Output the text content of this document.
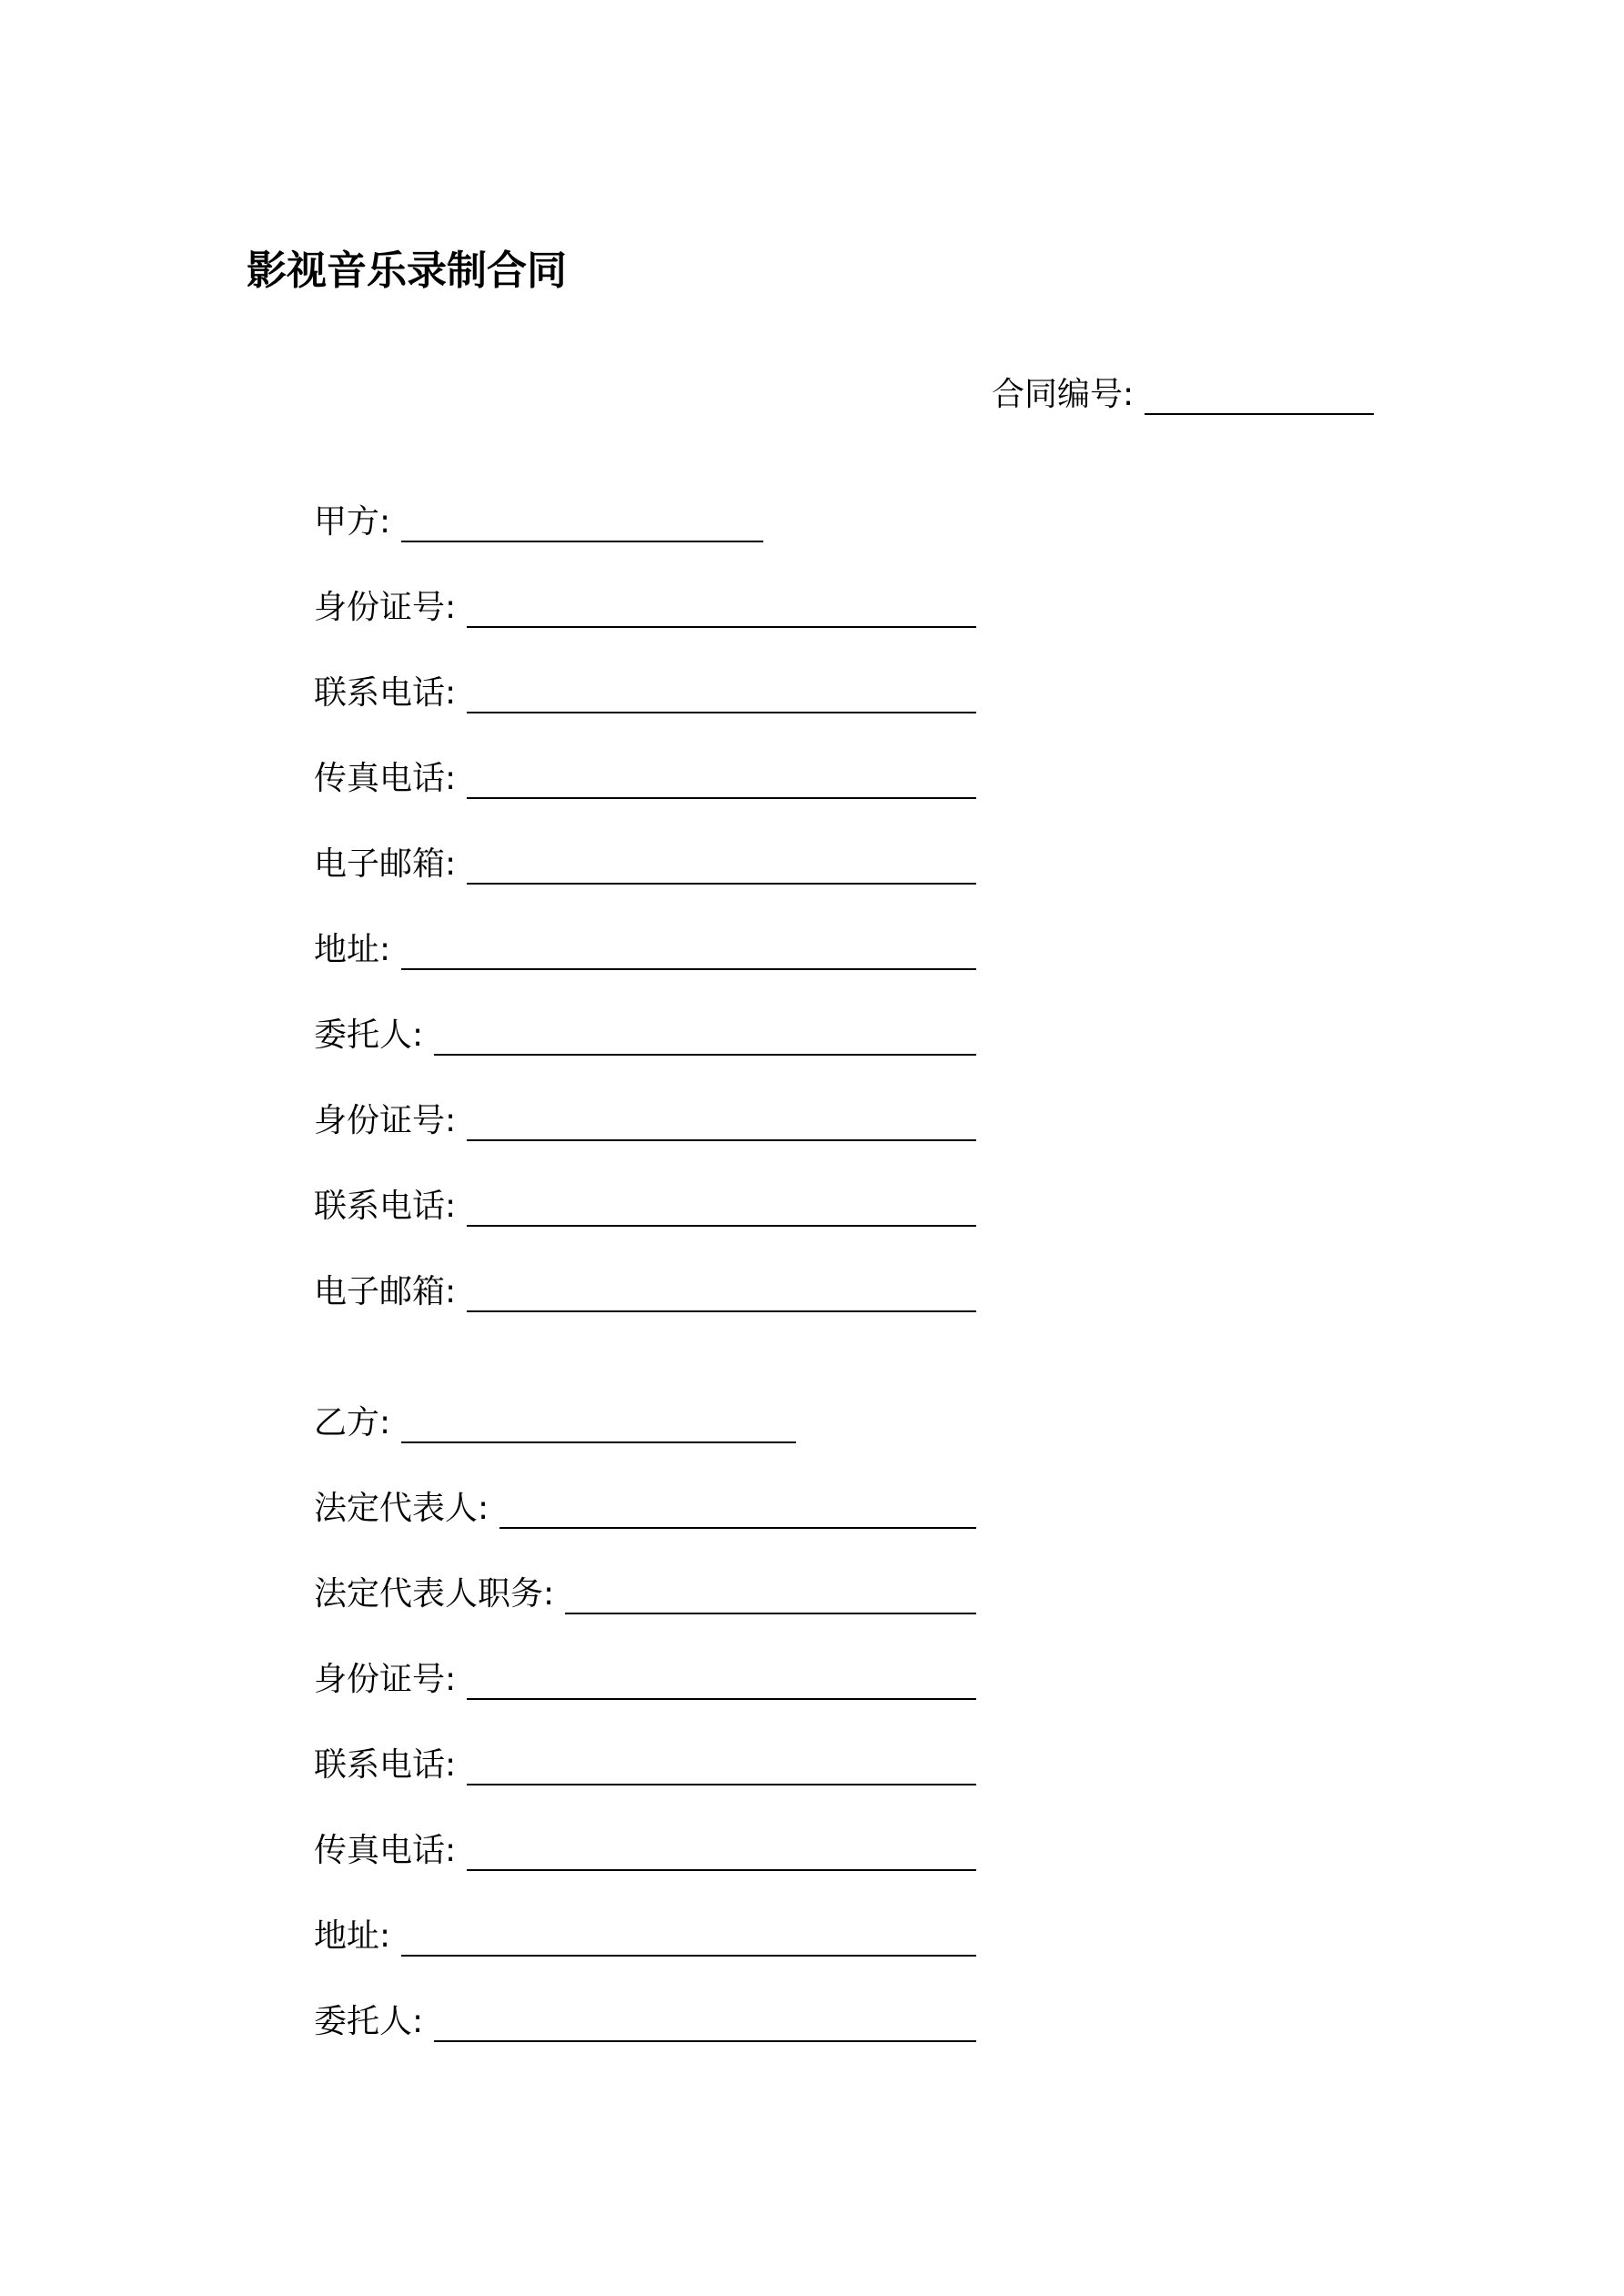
影视音乐录制合同
合同编号:
甲方:
身份证号:
联系电话:
传真电话:
电子邮箱:
地址:
委托人:
身份证号:
联系电话:
电子邮箱:
乙方:
法定代表人:
法定代表人职务:
身份证号:
联系电话:
传真电话:
地址:
委托人:
